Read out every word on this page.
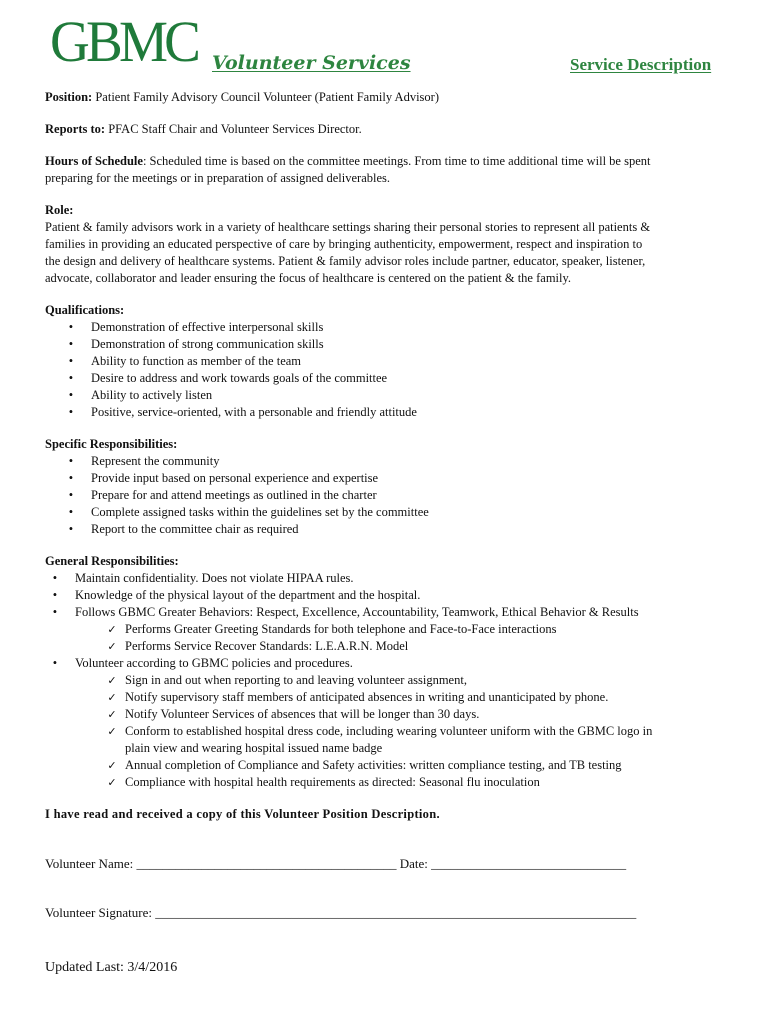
GBMC Volunteer Services	Service Description

Position: Patient Family Advisory Council Volunteer (Patient Family Advisor)

Reports to: PFAC Staff Chair and Volunteer Services Director.

Hours of Schedule: Scheduled time is based on the committee meetings. From time to time additional time will be spent

preparing for the meetings or in preparation of assigned deliverables.

Role:

Patient & family advisors work in a variety of healthcare settings sharing their personal stories to represent all patients &

families in providing an educated perspective of care by bringing authenticity, empowerment, respect and inspiration to

the design and delivery of healthcare systems. Patient & family advisor roles include partner, educator, speaker, listener,

advocate, collaborator and leader ensuring the focus of healthcare is centered on the patient & the family.

Qualifications:

•	Demonstration of effective interpersonal skills
•	Demonstration of strong communication skills
•	Ability to function as member of the team
•	Desire to address and work towards goals of the committee
•	Ability to actively listen
•	Positive, service-oriented, with a personable and friendly attitude

Specific Responsibilities:

•	Represent the community
•	Provide input based on personal experience and expertise
•	Prepare for and attend meetings as outlined in the charter
•	Complete assigned tasks within the guidelines set by the committee
•	Report to the committee chair as required

General Responsibilities:

•	Maintain confidentiality. Does not violate HIPAA rules.
•	Knowledge of the physical layout of the department and the hospital.
•	Follows GBMC Greater Behaviors: Respect, Excellence, Accountability, Teamwork, Ethical Behavior & Results
✓ Performs Greater Greeting Standards for both telephone and Face-to-Face interactions
✓ Performs Service Recover Standards: L.E.A.R.N. Model
•	Volunteer according to GBMC policies and procedures.
✓ Sign in and out when reporting to and leaving volunteer assignment,
✓ Notify supervisory staff members of anticipated absences in writing and unanticipated by phone.
✓ Notify Volunteer Services of absences that will be longer than 30 days.
✓ Conform to established hospital dress code, including wearing volunteer uniform with the GBMC logo in
plain view and wearing hospital issued name badge
✓ Annual completion of Compliance and Safety activities: written compliance testing, and TB testing
✓ Compliance with hospital health requirements as directed: Seasonal flu inoculation

I have read and received a copy of this Volunteer Position Description.

Volunteer Name: ________________________________________ Date: ______________________________
Volunteer Signature: __________________________________________________________________________
Updated Last: 3/4/2016
